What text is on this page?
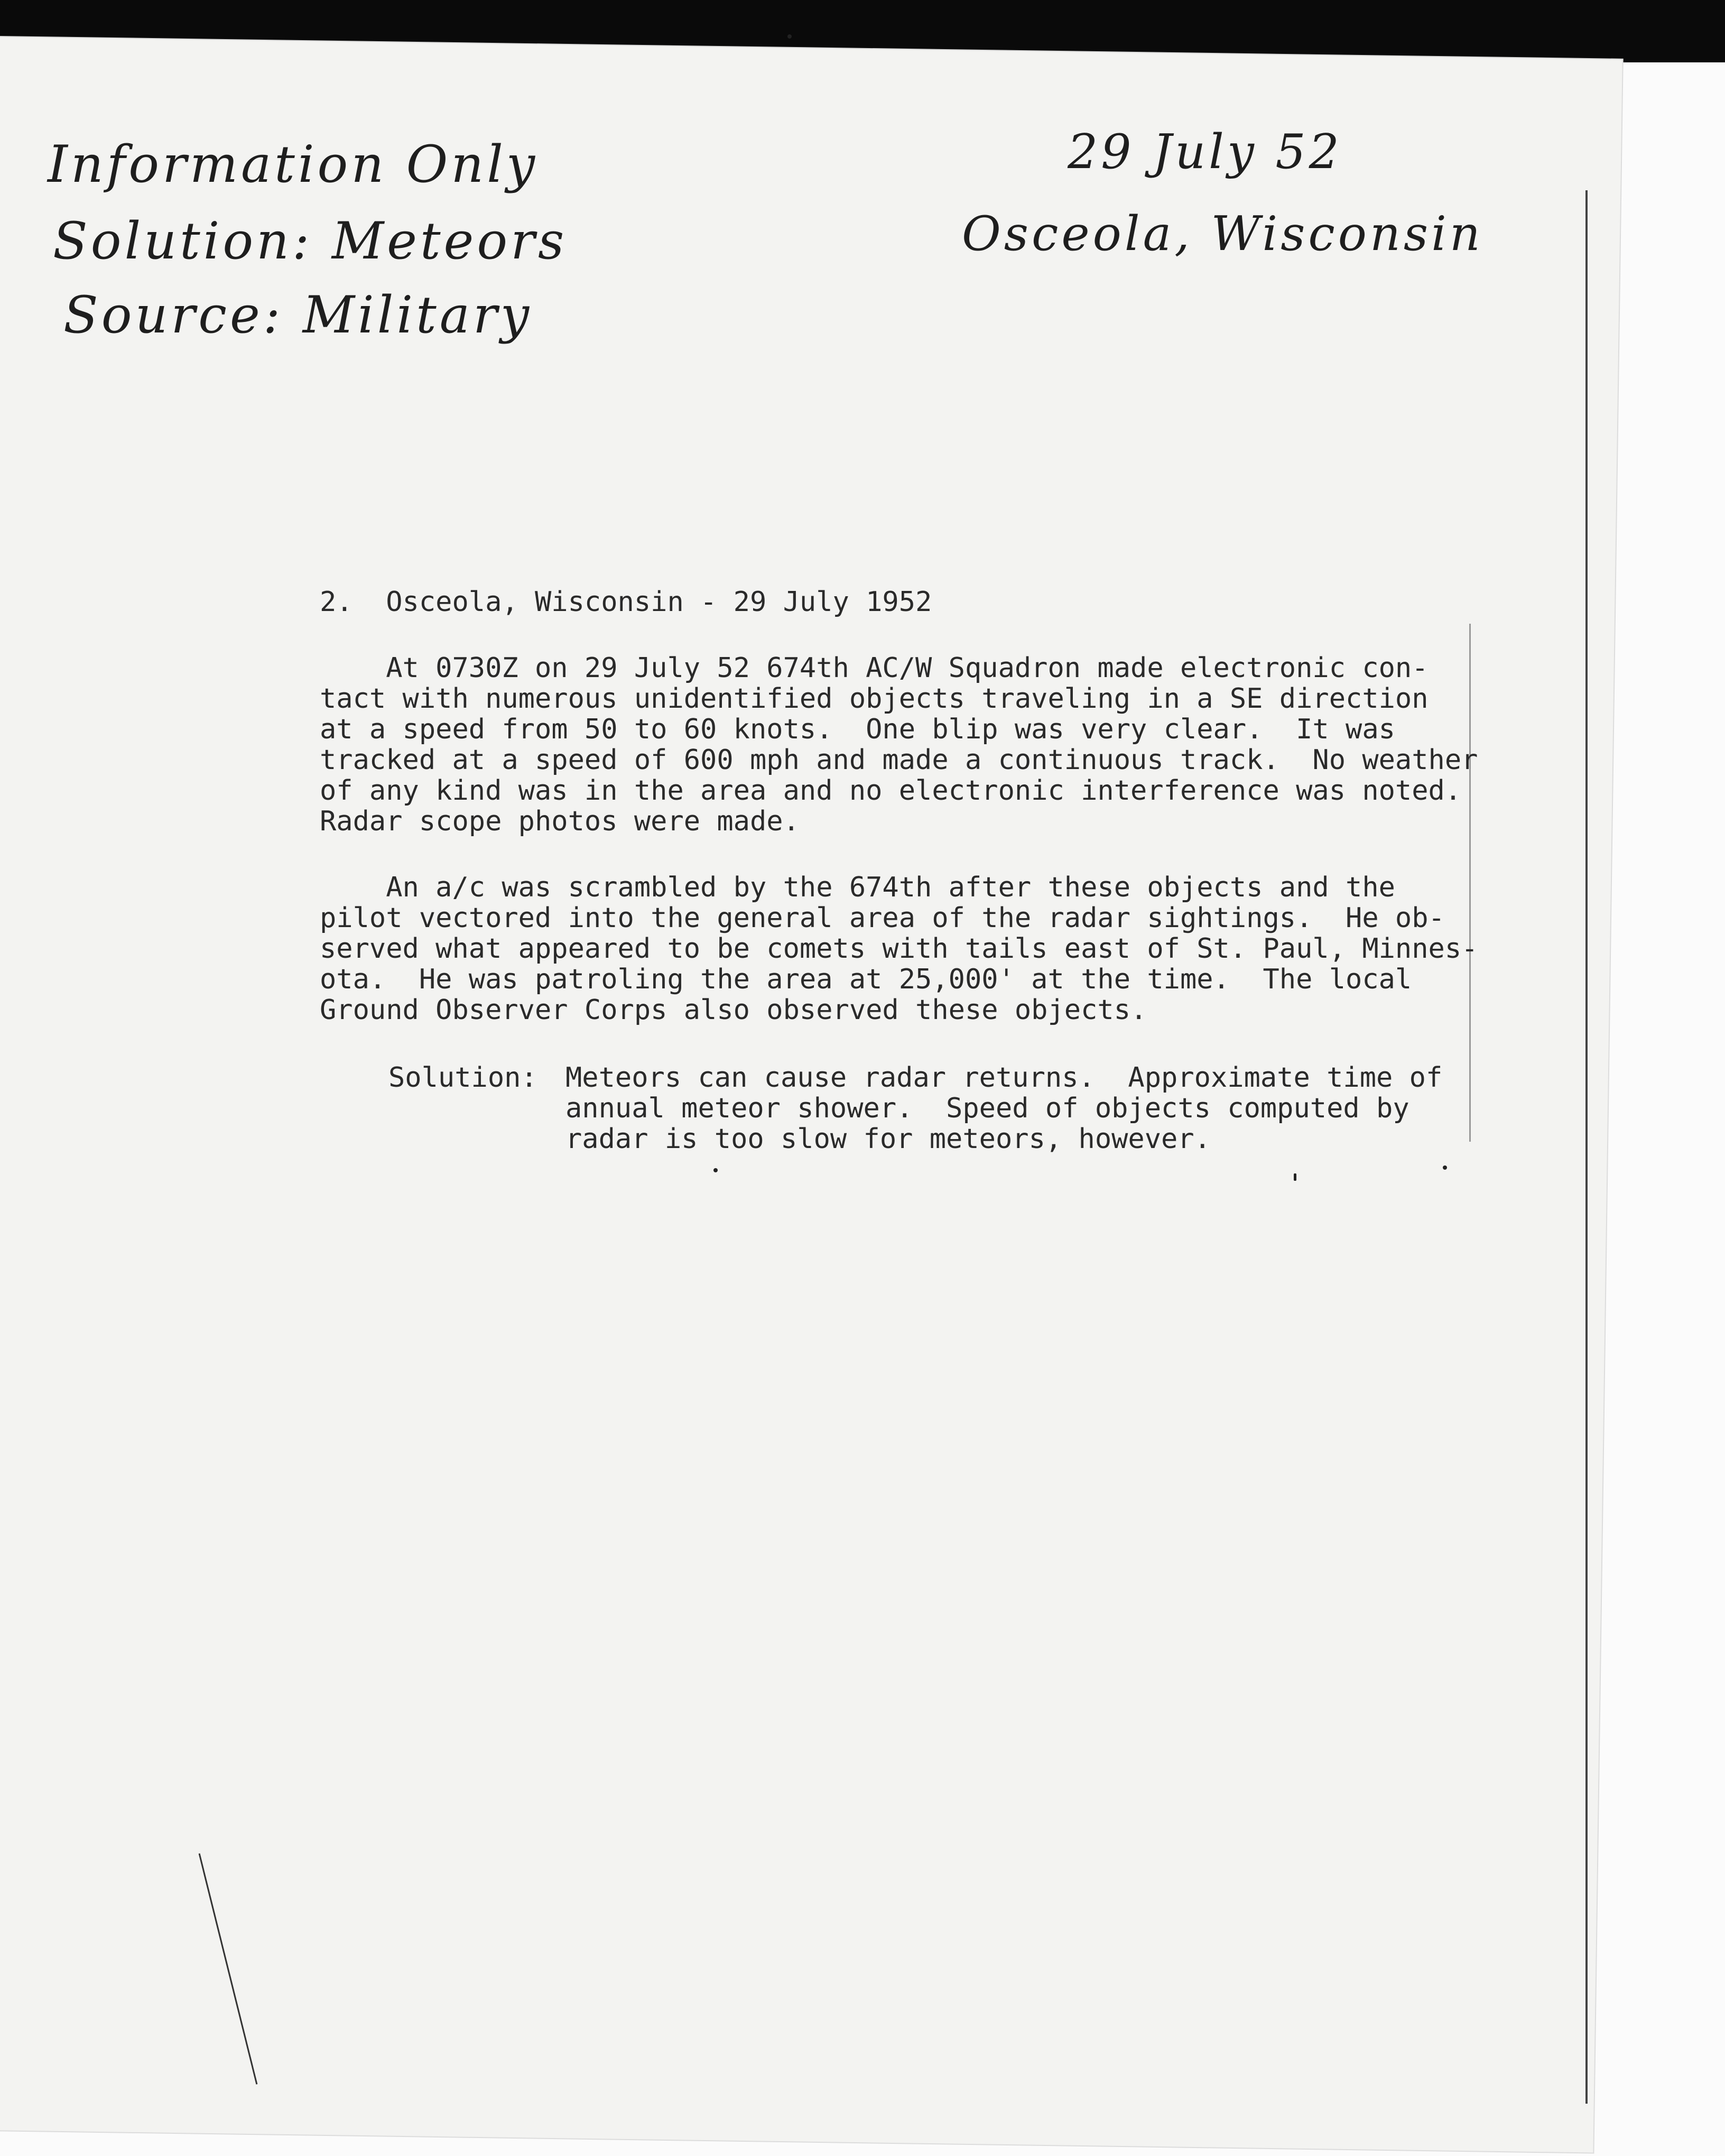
Information Only
Solution: Meteors
Source: Military
29 July 52
Osceola, Wisconsin
2.  Osceola, Wisconsin - 29 July 1952
At 0730Z on 29 July 52 674th AC/W Squadron made electronic con-
tact with numerous unidentified objects traveling in a SE direction
at a speed from 50 to 60 knots.  One blip was very clear.  It was
tracked at a speed of 600 mph and made a continuous track.  No weather
of any kind was in the area and no electronic interference was noted.
Radar scope photos were made.
An a/c was scrambled by the 674th after these objects and the
pilot vectored into the general area of the radar sightings.  He ob-
served what appeared to be comets with tails east of St. Paul, Minnes-
ota.  He was patroling the area at 25,000' at the time.  The local
Ground Observer Corps also observed these objects.
Solution: Meteors can cause radar returns.  Approximate time of
annual meteor shower.  Speed of objects computed by
radar is too slow for meteors, however.
